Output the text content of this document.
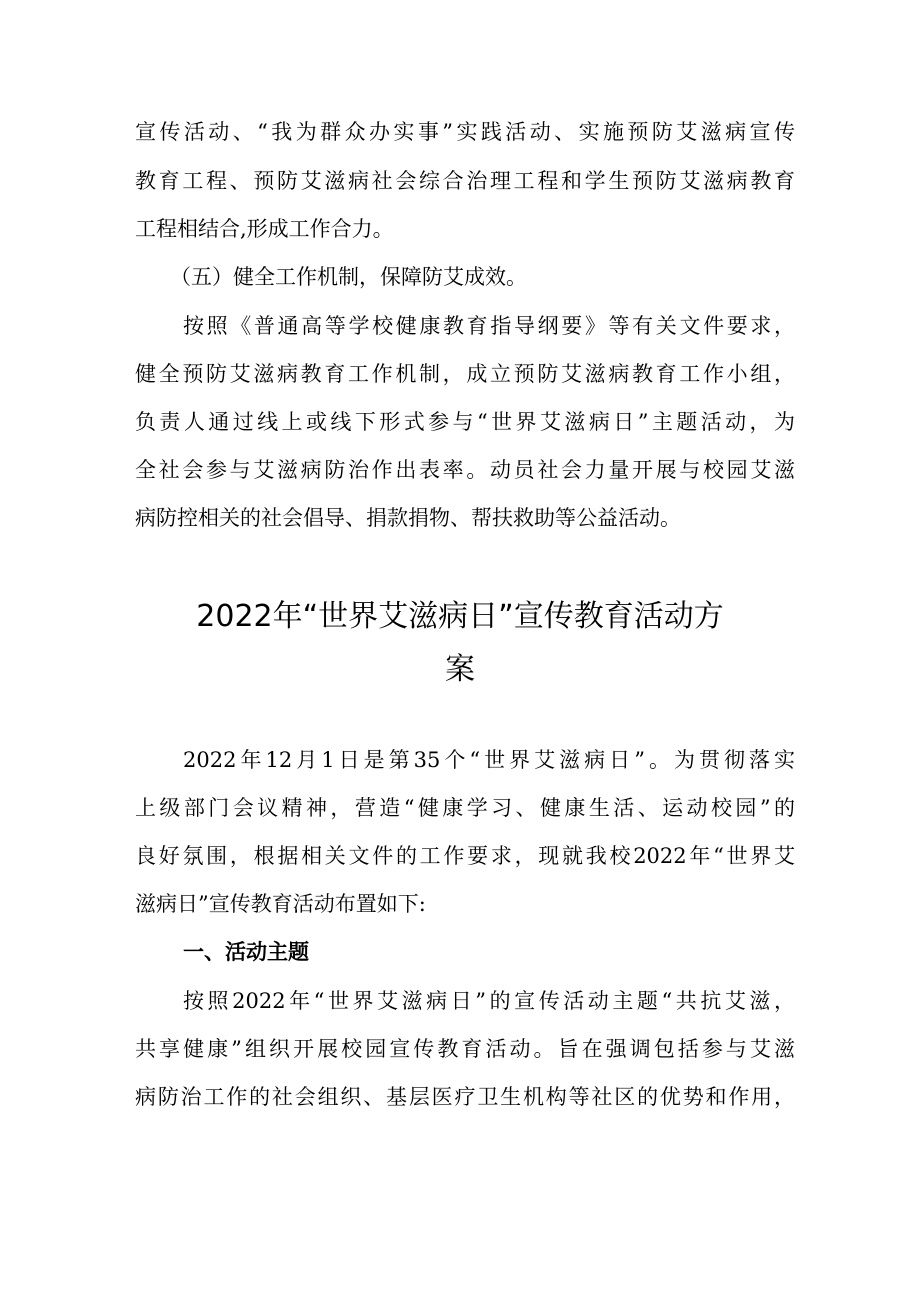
宣传活动、“我为群众办实事”实践活动、实施预防艾滋病宣传
教育工程、预防艾滋病社会综合治理工程和学生预防艾滋病教育
工程相结合,形成工作合力。
（五）健全工作机制，保障防艾成效。
按照《普通高等学校健康教育指导纲要》等有关文件要求，
健全预防艾滋病教育工作机制，成立预防艾滋病教育工作小组，
负责人通过线上或线下形式参与“世界艾滋病日”主题活动，为
全社会参与艾滋病防治作出表率。动员社会力量开展与校园艾滋
病防控相关的社会倡导、捐款捐物、帮扶救助等公益活动。
2022年“世界艾滋病日”宣传教育活动方
案
2022年12月1日是第35个“世界艾滋病日”。为贯彻落实
上级部门会议精神，营造“健康学习、健康生活、运动校园”的
良好氛围，根据相关文件的工作要求，现就我校2022年“世界艾
滋病日”宣传教育活动布置如下:
一、活动主题
按照2022年“世界艾滋病日”的宣传活动主题“共抗艾滋，
共享健康”组织开展校园宣传教育活动。旨在强调包括参与艾滋
病防治工作的社会组织、基层医疗卫生机构等社区的优势和作用，
